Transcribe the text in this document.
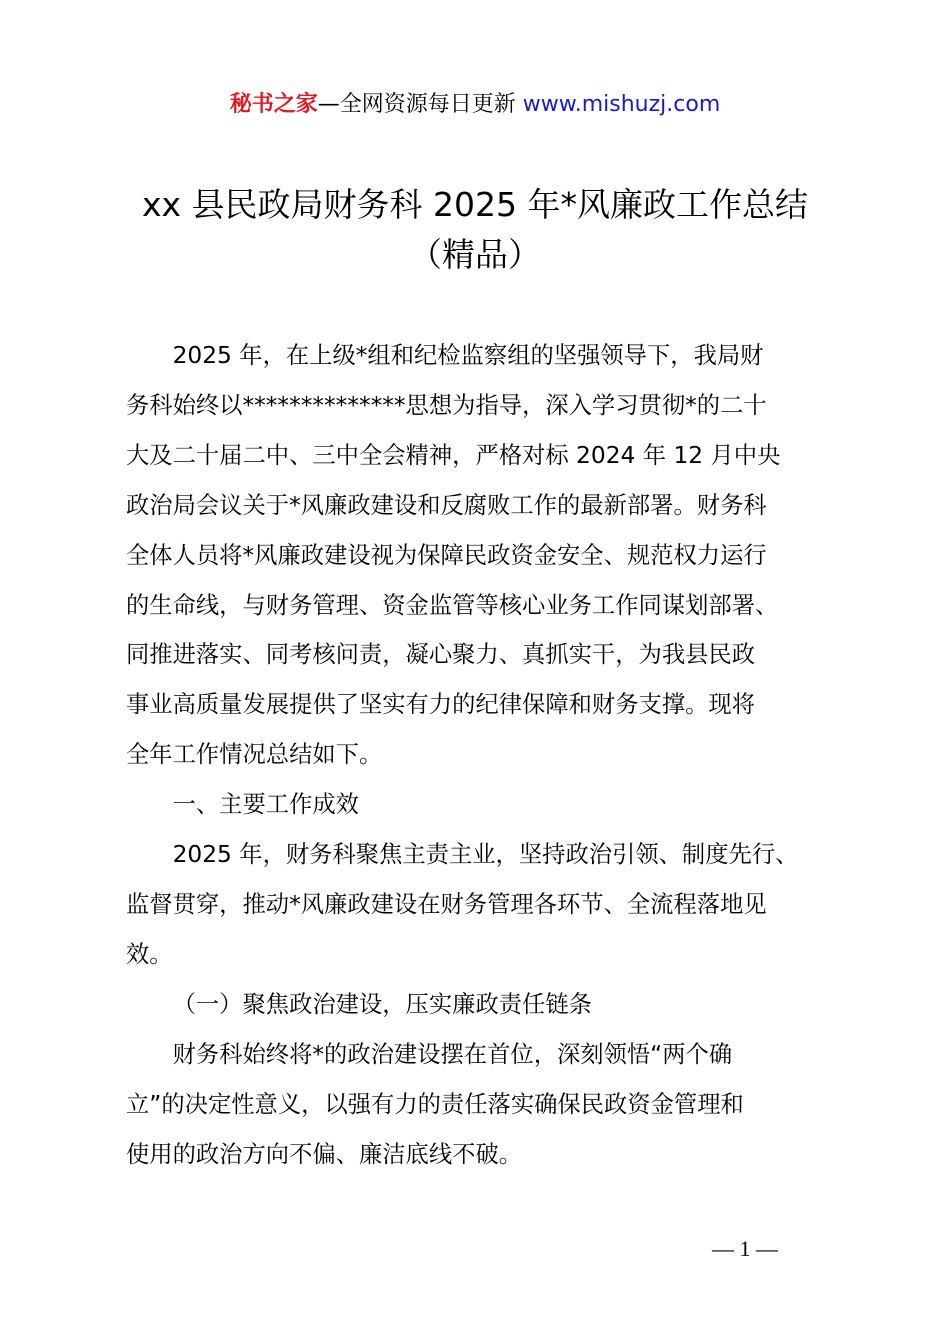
秘书之家—全网资源每日更新 www.mishuzj.com
xx 县民政局财务科 2025 年*风廉政工作总结
（精品）

2025 年，在上级*组和纪检监察组的坚强领导下，我局财
务科始终以**************思想为指导，深入学习贯彻*的二十
大及二十届二中、三中全会精神，严格对标 2024 年 12 月中央
政治局会议关于*风廉政建设和反腐败工作的最新部署。财务科
全体人员将*风廉政建设视为保障民政资金安全、规范权力运行
的生命线，与财务管理、资金监管等核心业务工作同谋划部署、
同推进落实、同考核问责，凝心聚力、真抓实干，为我县民政
事业高质量发展提供了坚实有力的纪律保障和财务支撑。现将
全年工作情况总结如下。

一、主要工作成效

2025 年，财务科聚焦主责主业，坚持政治引领、制度先行、
监督贯穿，推动*风廉政建设在财务管理各环节、全流程落地见
效。

（一）聚焦政治建设，压实廉政责任链条

财务科始终将*的政治建设摆在首位，深刻领悟“两个确
立”的决定性意义，以强有力的责任落实确保民政资金管理和
使用的政治方向不偏、廉洁底线不破。

— 1 —
